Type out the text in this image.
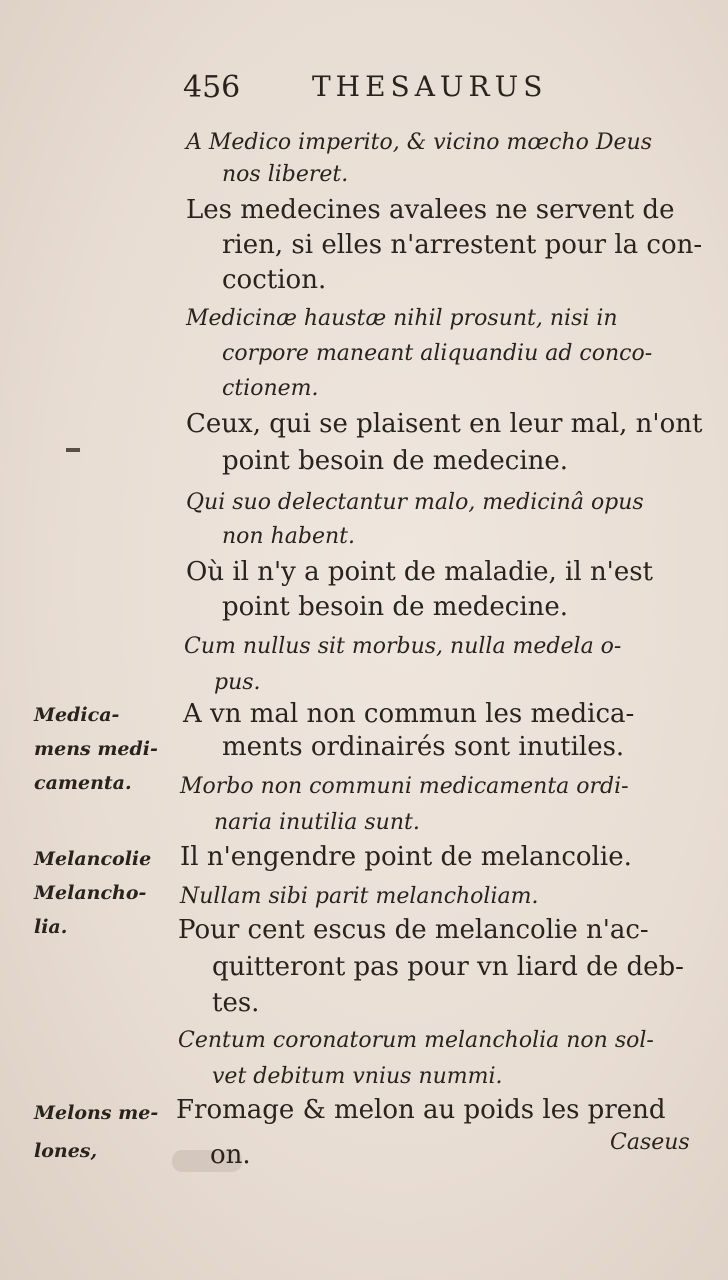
456	THESAURUS
A Medico imperito, & vicino mœcho Deus
nos liberet.
Les medecines avalees ne servent de
rien, si elles n'arrestent pour la con-
coction.
Medicinæ haustæ nihil prosunt, nisi in
corpore maneant aliquandiu ad conco-
ctionem.
Ceux, qui se plaisent en leur mal, n'ont
point besoin de medecine.
Qui suo delectantur malo, medicinâ opus
non habent.
Où il n'y a point de maladie, il n'est
point besoin de medecine.
Cum nullus sit morbus, nulla medela o-
pus.
A vn mal non commun les medica-
ments ordinairés sont inutiles.
Morbo non communi medicamenta ordi-
naria inutilia sunt.
Il n'engendre point de melancolie.
Nullam sibi parit melancholiam.
Pour cent escus de melancolie n'ac-
quitteront pas pour vn liard de deb-
tes.
Centum coronatorum melancholia non sol-
vet debitum vnius nummi.
Fromage & melon au poids les prend
on.	Caseus
Medica-
mens medi-
camenta.
Melancolie
Melancho-
lia.
Melons me-
lones,
